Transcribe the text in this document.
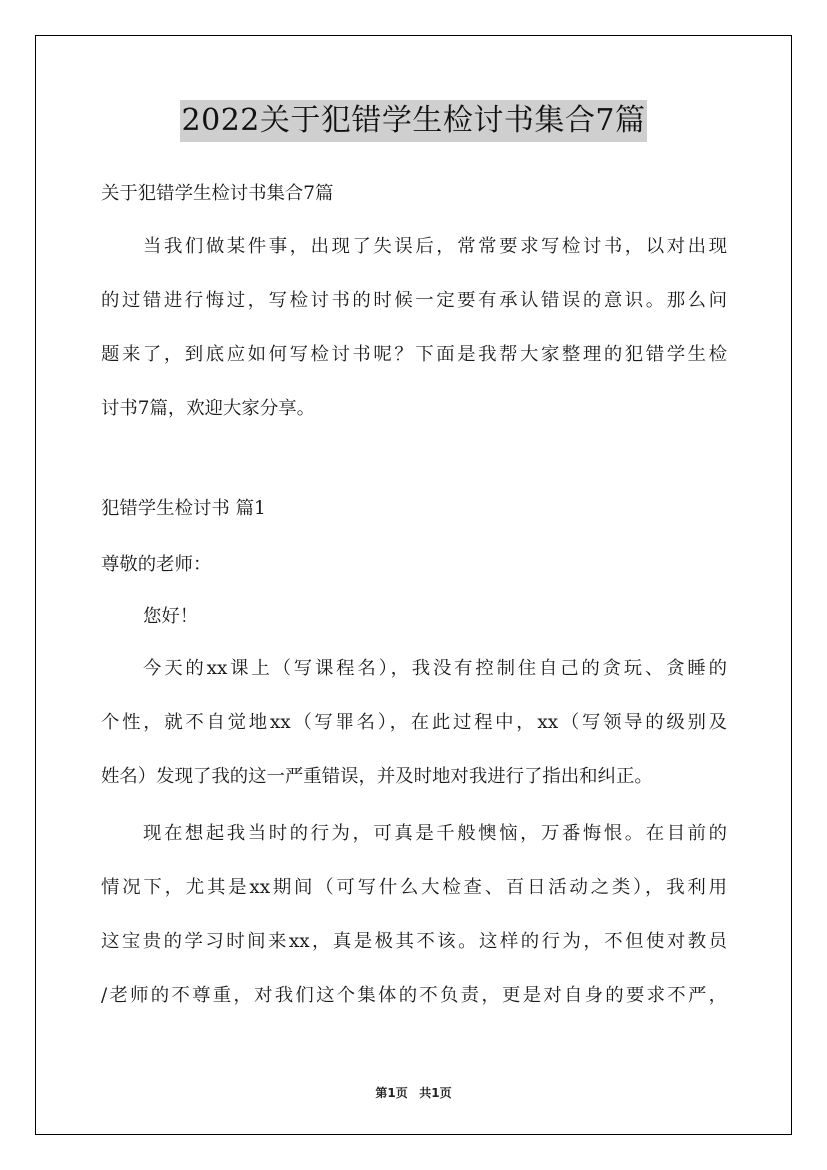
2022关于犯错学生检讨书集合7篇
关于犯错学生检讨书集合7篇
当我们做某件事，出现了失误后，常常要求写检讨书，以对出现
的过错进行悔过，写检讨书的时候一定要有承认错误的意识。那么问
题来了，到底应如何写检讨书呢？下面是我帮大家整理的犯错学生检
讨书7篇，欢迎大家分享。
犯错学生检讨书 篇1
尊敬的老师：
您好！
今天的xx课上（写课程名），我没有控制住自己的贪玩、贪睡的
个性，就不自觉地xx（写罪名），在此过程中，xx（写领导的级别及
姓名）发现了我的这一严重错误，并及时地对我进行了指出和纠正。
现在想起我当时的行为，可真是千般懊恼，万番悔恨。在目前的
情况下，尤其是xx期间（可写什么大检查、百日活动之类），我利用
这宝贵的学习时间来xx，真是极其不该。这样的行为，不但使对教员
/老师的不尊重，对我们这个集体的不负责，更是对自身的要求不严，
第1页 共1页
